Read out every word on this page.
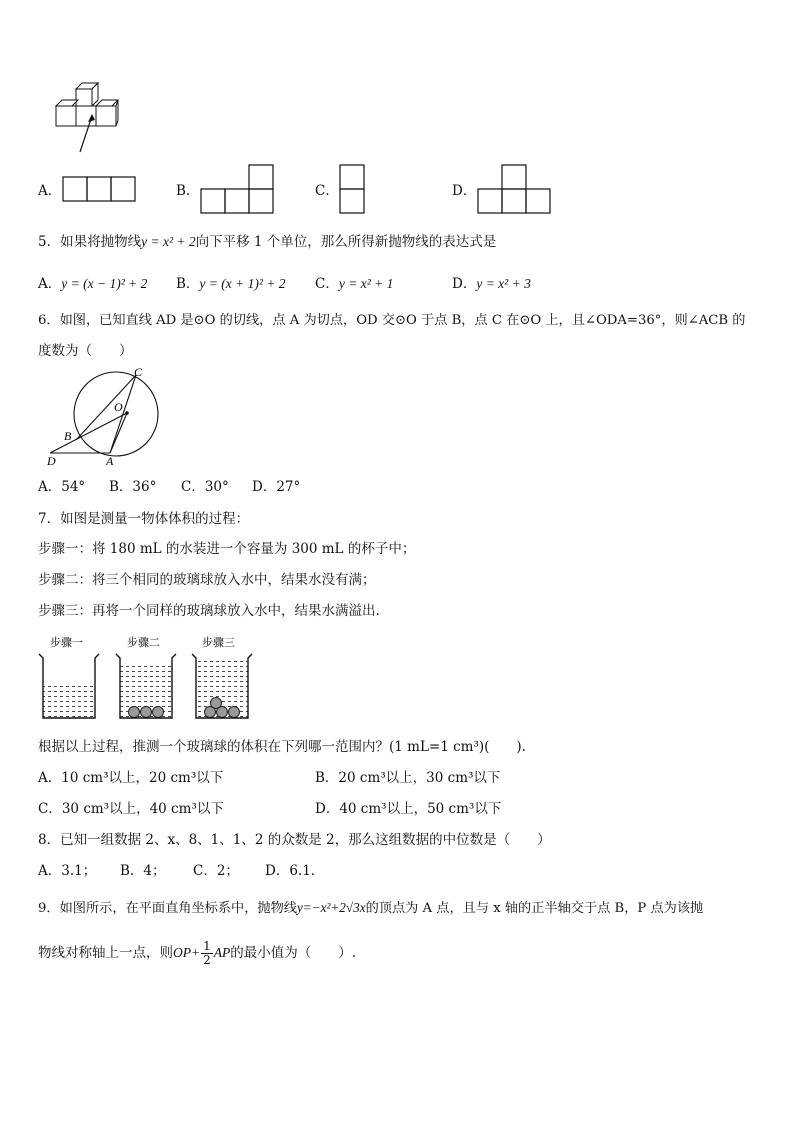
A．	B．	C．	D．
5．如果将抛物线y = x² + 2向下平移 1 个单位，那么所得新抛物线的表达式是
A．y = (x − 1)² + 2 B．y = (x + 1)² + 2 C．y = x² + 1	D．y = x² + 3
6．如图，已知直线 AD 是⊙O 的切线，点 A 为切点，OD 交⊙O 于点 B，点 C 在⊙O 上，且∠ODA=36°，则∠ACB 的
度数为（　　）
C
O
B
D	A
A．54° B．36° C．30° D．27°
7．如图是测量一物体体积的过程：
步骤一：将 180 mL 的水装进一个容量为 300 mL 的杯子中；
步骤二：将三个相同的玻璃球放入水中，结果水没有满；
步骤三：再将一个同样的玻璃球放入水中，结果水满溢出.
步骤一	步骤二	步骤三
根据以上过程，推测一个玻璃球的体积在下列哪一范围内？(1 mL=1 cm³)(　　).
A．10 cm³以上，20 cm³以下	B．20 cm³以上，30 cm³以下
C．30 cm³以上，40 cm³以下	D．40 cm³以上，50 cm³以下
8．已知一组数据 2、x、8、1、1、2 的众数是 2，那么这组数据的中位数是（　　）
A．3.1； B．4； C．2； D．6.1．
9．如图所示，在平面直角坐标系中，抛物线y=−x²+2√3x的顶点为 A 点，且与 x 轴的正半轴交于点 B，P 点为该抛
物线对称轴上一点，则$OP+ \frac{1}{2}$ AP的最小值为（　　）.
